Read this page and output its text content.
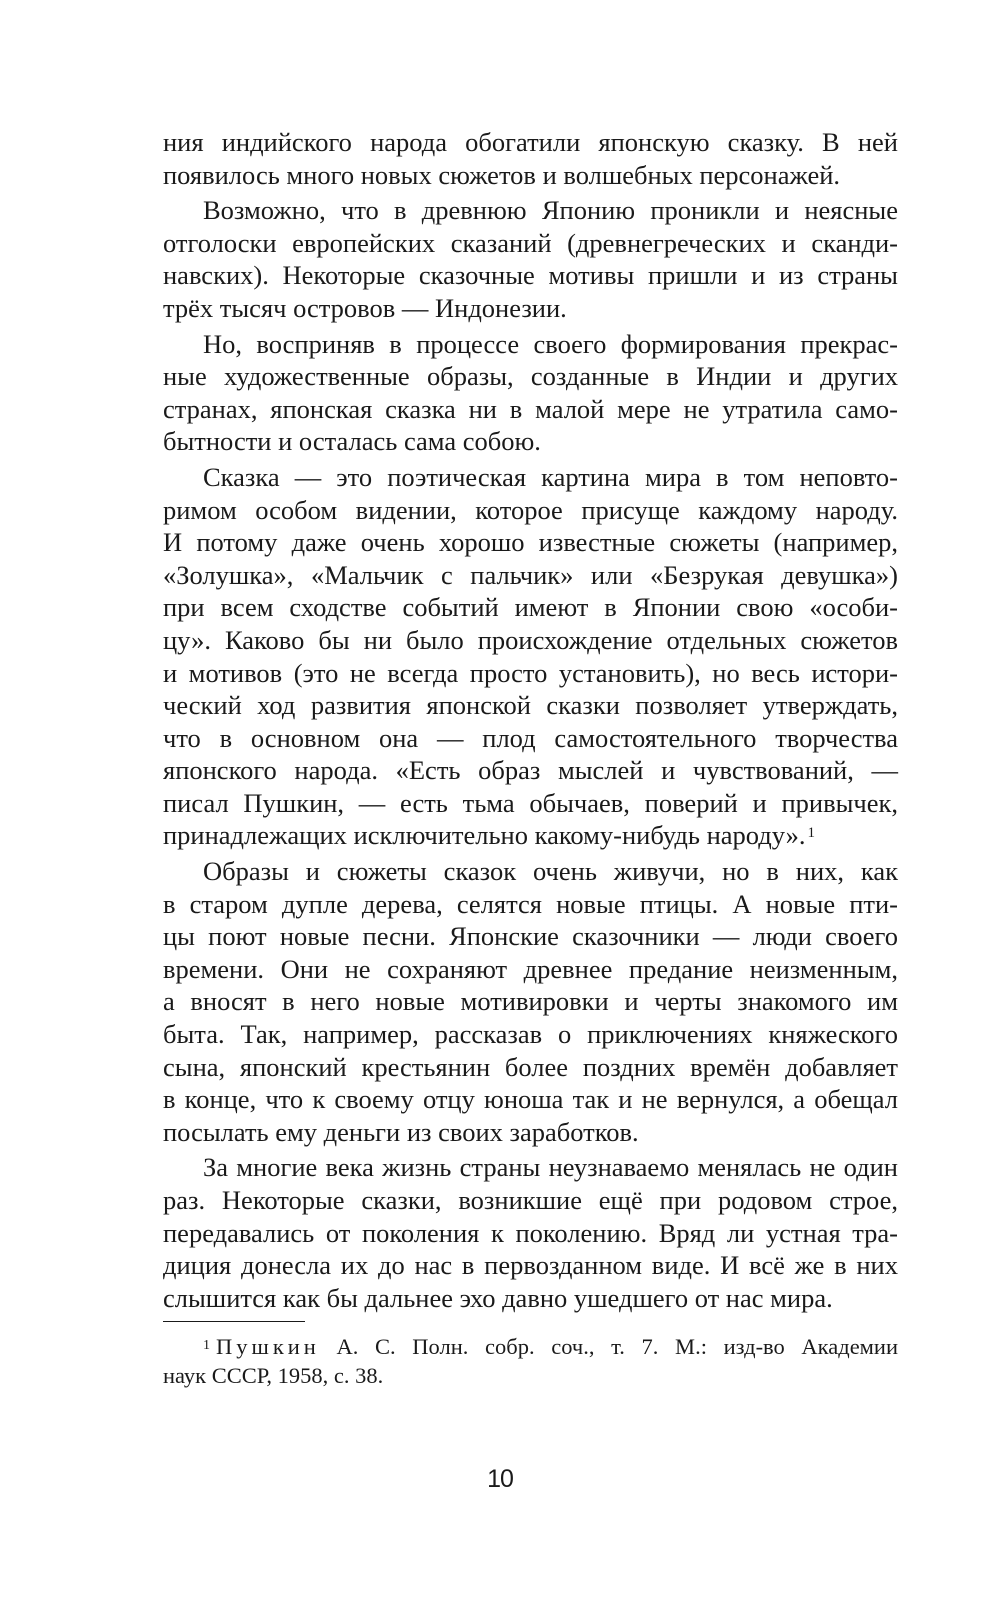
ния индийского народа обогатили японскую сказку. В ней
появилось много новых сюжетов и волшебных персонажей.
Возможно, что в древнюю Японию проникли и неясные
отголоски европейских сказаний (древнегреческих и сканди-
навских). Некоторые сказочные мотивы пришли и из страны
трёх тысяч островов — Индонезии.
Но, восприняв в процессе своего формирования прекрас-
ные художественные образы, созданные в Индии и других
странах, японская сказка ни в малой мере не утратила само-
бытности и осталась сама собою.
Сказка — это поэтическая картина мира в том неповто-
римом особом видении, которое присуще каждому народу.
И потому даже очень хорошо известные сюжеты (например,
«Золушка», «Мальчик с пальчик» или «Безрукая девушка»)
при всем сходстве событий имеют в Японии свою «особи-
цу». Каково бы ни было происхождение отдельных сюжетов
и мотивов (это не всегда просто установить), но весь истори-
ческий ход развития японской сказки позволяет утверждать,
что в основном она — плод самостоятельного творчества
японского народа. «Есть образ мыслей и чувствований, —
писал Пушкин, — есть тьма обычаев, поверий и привычек,
принадлежащих исключительно какому-нибудь народу». $^1$
Образы и сюжеты сказок очень живучи, но в них, как
в старом дупле дерева, селятся новые птицы. А новые пти-
цы поют новые песни. Японские сказочники — люди своего
времени. Они не сохраняют древнее предание неизменным,
а вносят в него новые мотивировки и черты знакомого им
быта. Так, например, рассказав о приключениях княжеского
сына, японский крестьянин более поздних времён добавляет
в конце, что к своему отцу юноша так и не вернулся, а обещал
посылать ему деньги из своих заработков.
За многие века жизнь страны неузнаваемо менялась не один
раз. Некоторые сказки, возникшие ещё при родовом строе,
передавались от поколения к поколению. Вряд ли устная тра-
диция донесла их до нас в первозданном виде. И всё же в них
слышится как бы дальнее эхо давно ушедшего от нас мира.
$^1$ Пушкин А. С. Полн. собр. соч., т. 7. М.: изд-во Академии
наук СССР, 1958, с. 38.
10
